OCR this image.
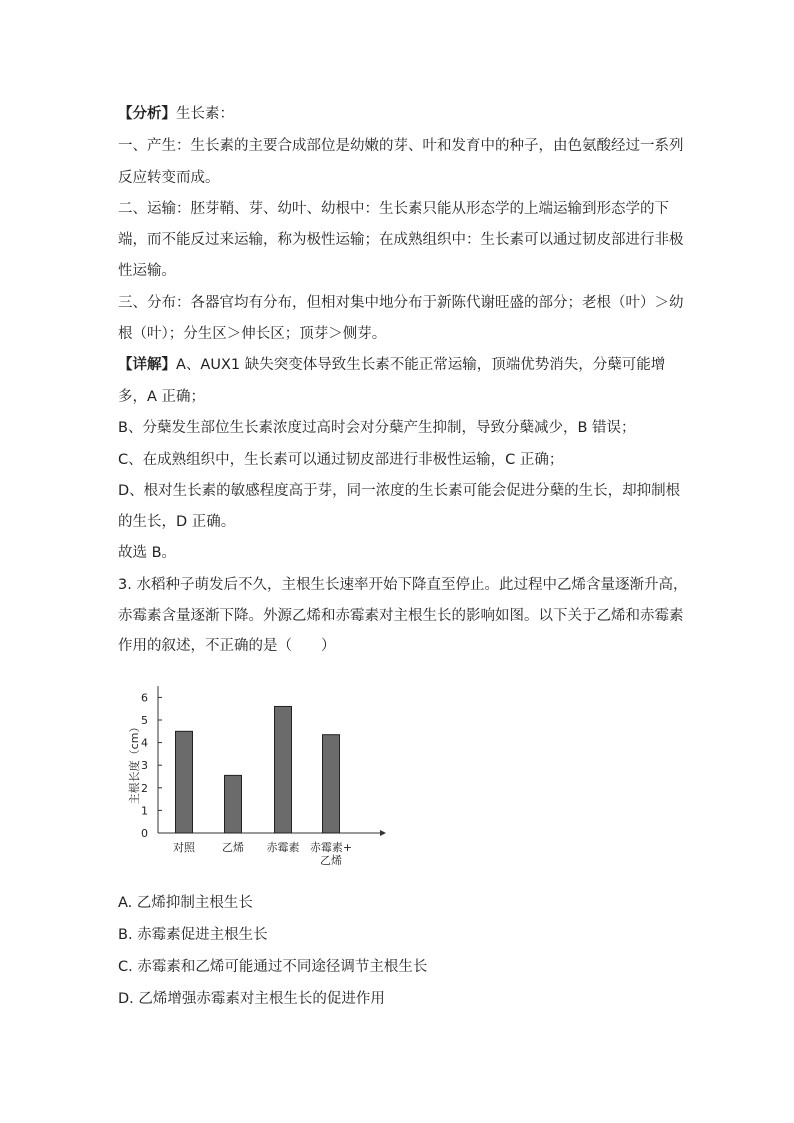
【分析】生长素：
一、产生：生长素的主要合成部位是幼嫩的芽、叶和发育中的种子，由色氨酸经过一系列
反应转变而成。
二、运输：胚芽鞘、芽、幼叶、幼根中：生长素只能从形态学的上端运输到形态学的下
端，而不能反过来运输，称为极性运输；在成熟组织中：生长素可以通过韧皮部进行非极
性运输。
三、分布：各器官均有分布，但相对集中地分布于新陈代谢旺盛的部分；老根（叶）＞幼
根（叶）；分生区＞伸长区；顶芽＞侧芽。
【详解】A、AUX1 缺失突变体导致生长素不能正常运输，顶端优势消失，分蘖可能增
多，A 正确；
B、分蘖发生部位生长素浓度过高时会对分蘖产生抑制，导致分蘖减少，B 错误；
C、在成熟组织中，生长素可以通过韧皮部进行非极性运输，C 正确；
D、根对生长素的敏感程度高于芽，同一浓度的生长素可能会促进分蘖的生长，却抑制根
的生长，D 正确。
故选 B。
3. 水稻种子萌发后不久，主根生长速率开始下降直至停止。此过程中乙烯含量逐渐升高，
赤霉素含量逐渐下降。外源乙烯和赤霉素对主根生长的影响如图。以下关于乙烯和赤霉素
作用的叙述，不正确的是（　　）
0
1
2
3
4
5
6
主根长度（cm）
对照 乙烯 赤霉素 赤霉素+
乙烯
A. 乙烯抑制主根生长
B. 赤霉素促进主根生长
C. 赤霉素和乙烯可能通过不同途径调节主根生长
D. 乙烯增强赤霉素对主根生长的促进作用
